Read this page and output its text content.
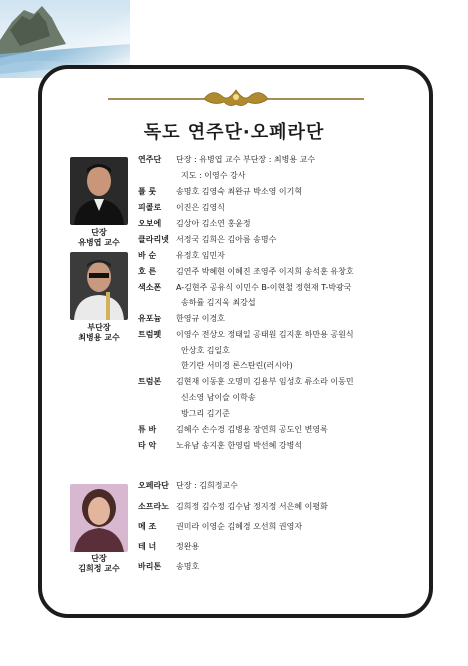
독도 연주단·오페라단
단장
유병엽 교수
부단장
최병용 교수
단장
김희정 교수
연주단 단장 : 유병엽 교수 부단장 : 최병용 교수
지도 : 이영수 강사
플 룻 송명호 김영숙 최완규 박소영 이기혁
피콜로 이진은 김영식
오보에 김상아 김소연 홍윤정
클라리넷 서정국 김희은 김아름 송명수
바 순 유정호 임민자
호 른 김연주 박혜현 이혜진 조영주 이지희 송석훈 유창호
색소폰 A-김현주 공유식 이민수 B-이현철 정현재 T-박광국
송하률 김지욱 최강섭
유포늄 한영규 이경호
트럼펫 이영수 전상오 정태일 공태원 김지훈 하만용 공원식
안상호 김일호
한기란 서미경 론스탄린(러시아)
트럼본 김현재 이동훈 오명미 김용부 임성호 류소라 이동민
신소영 남이슬 이학송
방그리 김기준
튜 바 김혜수 손수경 김병용 장연희 공도인 변영록
타 악 노유남 송지훈 한영림 박선혜 강병석
오페라단 단장 : 김희정교수
소프라노 김희정 김수정 김수남 정지정 서은혜 이평화
메 조 권미라 이영순 김혜경 오선희 권영자
테 너 정완용
바리톤 송명호
